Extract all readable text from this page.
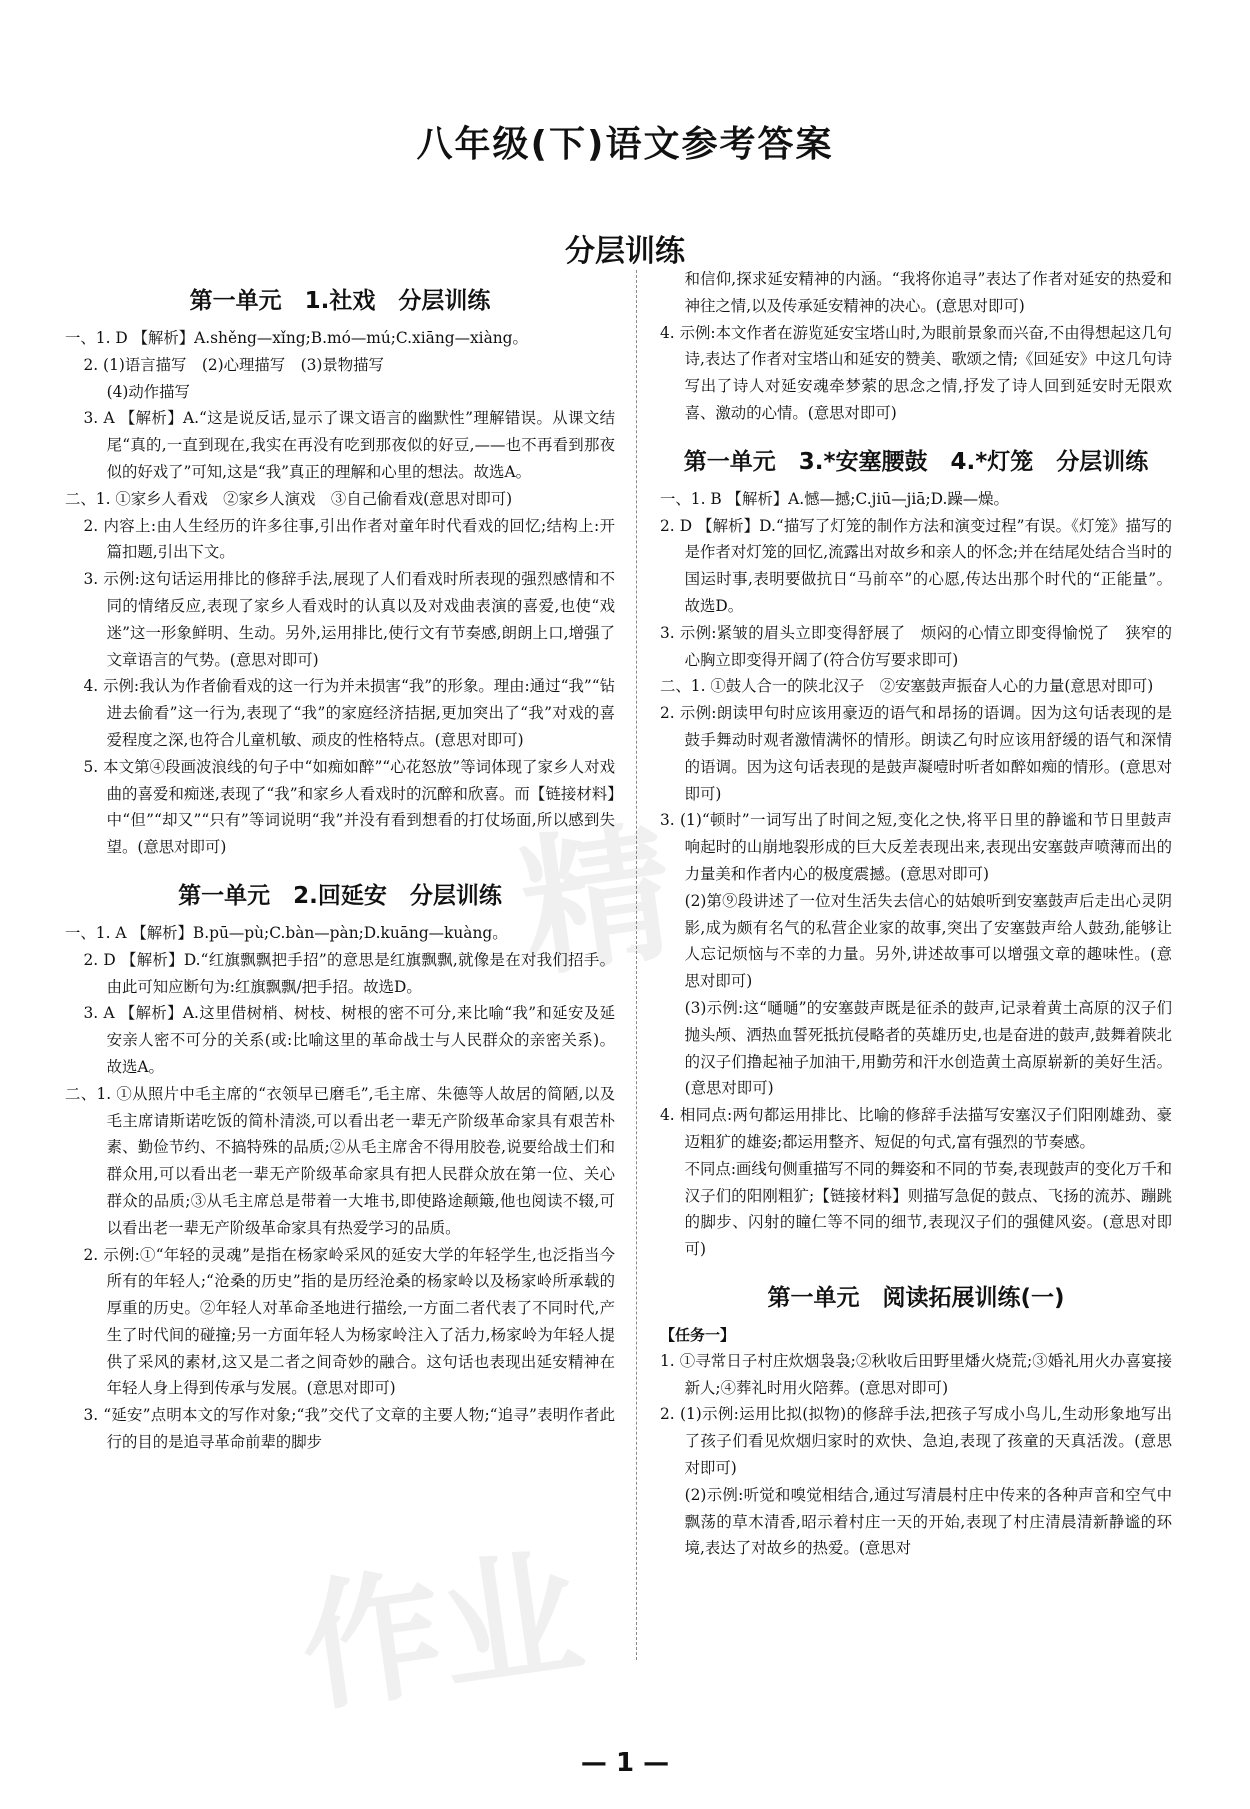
八年级(下)语文参考答案
分层训练
第一单元　1.社戏　分层训练

一、1. D 【解析】A.shěng—xǐng;B.mó—mú;C.xiāng—xiàng。

2. (1)语言描写　(2)心理描写　(3)景物描写

(4)动作描写

3. A 【解析】A.“这是说反话,显示了课文语言的幽默性”理解错误。从课文结尾“真的,一直到现在,我实在再没有吃到那夜似的好豆,——也不再看到那夜似的好戏了”可知,这是“我”真正的理解和心里的想法。故选A。

二、1. ①家乡人看戏　②家乡人演戏　③自己偷看戏(意思对即可)

2. 内容上:由人生经历的许多往事,引出作者对童年时代看戏的回忆;结构上:开篇扣题,引出下文。

3. 示例:这句话运用排比的修辞手法,展现了人们看戏时所表现的强烈感情和不同的情绪反应,表现了家乡人看戏时的认真以及对戏曲表演的喜爱,也使“戏迷”这一形象鲜明、生动。另外,运用排比,使行文有节奏感,朗朗上口,增强了文章语言的气势。(意思对即可)

4. 示例:我认为作者偷看戏的这一行为并未损害“我”的形象。理由:通过“我”“钻进去偷看”这一行为,表现了“我”的家庭经济拮据,更加突出了“我”对戏的喜爱程度之深,也符合儿童机敏、顽皮的性格特点。(意思对即可)

5. 本文第④段画波浪线的句子中“如痴如醉”“心花怒放”等词体现了家乡人对戏曲的喜爱和痴迷,表现了“我”和家乡人看戏时的沉醉和欣喜。而【链接材料】中“但”“却又”“只有”等词说明“我”并没有看到想看的打仗场面,所以感到失望。(意思对即可)

第一单元　2.回延安　分层训练

一、1. A 【解析】B.pū—pù;C.bàn—pàn;D.kuāng—kuàng。

2. D 【解析】D.“红旗飘飘把手招”的意思是红旗飘飘,就像是在对我们招手。由此可知应断句为:红旗飘飘/把手招。故选D。

3. A 【解析】A.这里借树梢、树枝、树根的密不可分,来比喻“我”和延安及延安亲人密不可分的关系(或:比喻这里的革命战士与人民群众的亲密关系)。故选A。

二、1. ①从照片中毛主席的“衣领早已磨毛”,毛主席、朱德等人故居的简陋,以及毛主席请斯诺吃饭的简朴清淡,可以看出老一辈无产阶级革命家具有艰苦朴素、勤俭节约、不搞特殊的品质;②从毛主席舍不得用胶卷,说要给战士们和群众用,可以看出老一辈无产阶级革命家具有把人民群众放在第一位、关心群众的品质;③从毛主席总是带着一大堆书,即使路途颠簸,他也阅读不辍,可以看出老一辈无产阶级革命家具有热爱学习的品质。

2. 示例:①“年轻的灵魂”是指在杨家岭采风的延安大学的年轻学生,也泛指当今所有的年轻人;“沧桑的历史”指的是历经沧桑的杨家岭以及杨家岭所承载的厚重的历史。②年轻人对革命圣地进行描绘,一方面二者代表了不同时代,产生了时代间的碰撞;另一方面年轻人为杨家岭注入了活力,杨家岭为年轻人提供了采风的素材,这又是二者之间奇妙的融合。这句话也表现出延安精神在年轻人身上得到传承与发展。(意思对即可)

3. “延安”点明本文的写作对象;“我”交代了文章的主要人物;“追寻”表明作者此行的目的是追寻革命前辈的脚步

和信仰,探求延安精神的内涵。“我将你追寻”表达了作者对延安的热爱和神往之情,以及传承延安精神的决心。(意思对即可)

4. 示例:本文作者在游览延安宝塔山时,为眼前景象而兴奋,不由得想起这几句诗,表达了作者对宝塔山和延安的赞美、歌颂之情;《回延安》中这几句诗写出了诗人对延安魂牵梦萦的思念之情,抒发了诗人回到延安时无限欢喜、激动的心情。(意思对即可)

第一单元　3.*安塞腰鼓　4.*灯笼　分层训练

一、1. B 【解析】A.憾—撼;C.jiū—jiā;D.躁—燥。

2. D 【解析】D.“描写了灯笼的制作方法和演变过程”有误。《灯笼》描写的是作者对灯笼的回忆,流露出对故乡和亲人的怀念;并在结尾处结合当时的国运时事,表明要做抗日“马前卒”的心愿,传达出那个时代的“正能量”。故选D。

3. 示例:紧皱的眉头立即变得舒展了　烦闷的心情立即变得愉悦了　狭窄的心胸立即变得开阔了(符合仿写要求即可)

二、1. ①鼓人合一的陕北汉子　②安塞鼓声振奋人心的力量(意思对即可)

2. 示例:朗读甲句时应该用豪迈的语气和昂扬的语调。因为这句话表现的是鼓手舞动时观者激情满怀的情形。朗读乙句时应该用舒缓的语气和深情的语调。因为这句话表现的是鼓声凝噎时听者如醉如痴的情形。(意思对即可)

3. (1)“顿时”一词写出了时间之短,变化之快,将平日里的静谧和节日里鼓声响起时的山崩地裂形成的巨大反差表现出来,表现出安塞鼓声喷薄而出的力量美和作者内心的极度震撼。(意思对即可)

(2)第⑨段讲述了一位对生活失去信心的姑娘听到安塞鼓声后走出心灵阴影,成为颇有名气的私营企业家的故事,突出了安塞鼓声给人鼓劲,能够让人忘记烦恼与不幸的力量。另外,讲述故事可以增强文章的趣味性。(意思对即可)

(3)示例:这“嗵嗵”的安塞鼓声既是征杀的鼓声,记录着黄土高原的汉子们抛头颅、洒热血誓死抵抗侵略者的英雄历史,也是奋进的鼓声,鼓舞着陕北的汉子们撸起袖子加油干,用勤劳和汗水创造黄土高原崭新的美好生活。(意思对即可)

4. 相同点:两句都运用排比、比喻的修辞手法描写安塞汉子们阳刚雄劲、豪迈粗犷的雄姿;都运用整齐、短促的句式,富有强烈的节奏感。

不同点:画线句侧重描写不同的舞姿和不同的节奏,表现鼓声的变化万千和汉子们的阳刚粗犷;【链接材料】则描写急促的鼓点、飞扬的流苏、蹦跳的脚步、闪射的瞳仁等不同的细节,表现汉子们的强健风姿。(意思对即可)

第一单元　阅读拓展训练(一)

【任务一】

1. ①寻常日子村庄炊烟袅袅;②秋收后田野里燔火烧荒;③婚礼用火办喜宴接新人;④葬礼时用火陪葬。(意思对即可)

2. (1)示例:运用比拟(拟物)的修辞手法,把孩子写成小鸟儿,生动形象地写出了孩子们看见炊烟归家时的欢快、急迫,表现了孩童的天真活泼。(意思对即可)

(2)示例:听觉和嗅觉相结合,通过写清晨村庄中传来的各种声音和空气中飘荡的草木清香,昭示着村庄一天的开始,表现了村庄清晨清新静谧的环境,表达了对故乡的热爱。(意思对

— 1 —
精
作业
